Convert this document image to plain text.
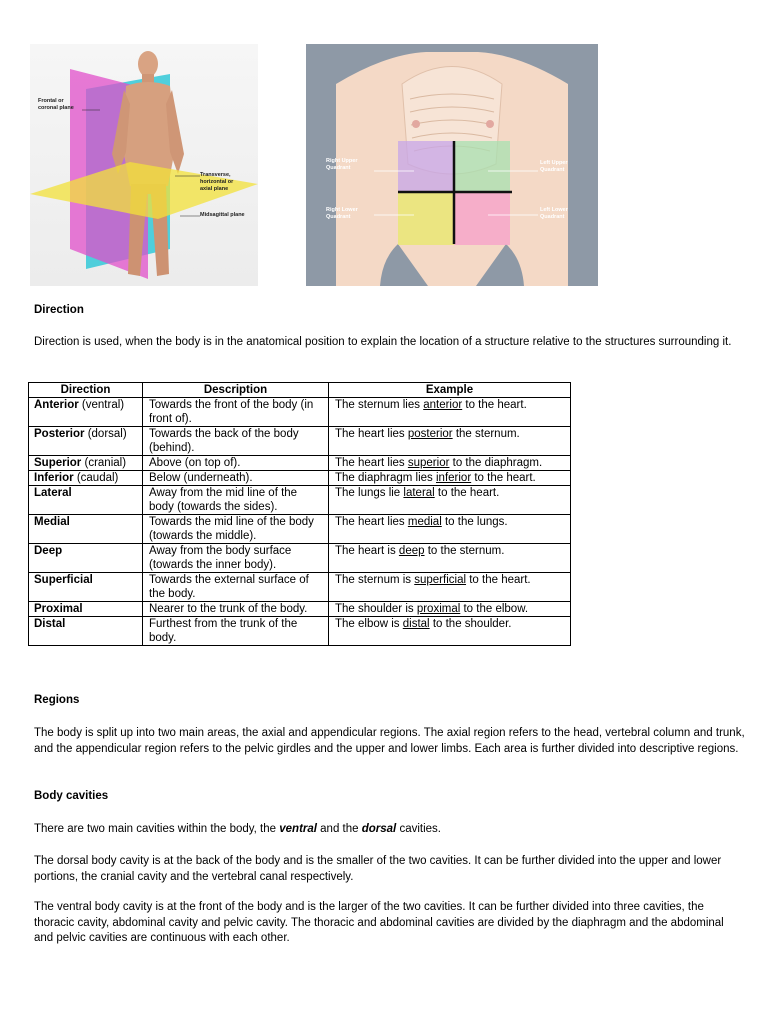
Frontal or coronal plane
Transverse, horizontal or axial plane
Midsagittal plane
Right Upper Quadrant
Left Upper Quadrant
Right Lower Quadrant
Left Lower Quadrant
Direction
Direction is used, when the body is in the anatomical position to explain the location of a structure relative to the structures surrounding it.
Direction	Description	Example
Anterior (ventral)	Towards the front of the body (in front of).	The sternum lies anterior to the heart.
Posterior (dorsal)	Towards the back of the body (behind).	The heart lies posterior the sternum.
Superior (cranial)	Above (on top of).	The heart lies superior to the diaphragm.
Inferior (caudal)	Below (underneath).	The diaphragm lies inferior to the heart.
Lateral	Away from the mid line of the body (towards the sides).	The lungs lie lateral to the heart.
Medial	Towards the mid line of the body (towards the middle).	The heart lies medial to the lungs.
Deep	Away from the body surface (towards the inner body).	The heart is deep to the sternum.
Superficial	Towards the external surface of the body.	The sternum is superficial to the heart.
Proximal	Nearer to the trunk of the body.	The shoulder is proximal to the elbow.
Distal	Furthest from the trunk of the body.	The elbow is distal to the shoulder.
Regions
The body is split up into two main areas, the axial and appendicular regions. The axial region refers to the head, vertebral column and trunk, and the appendicular region refers to the pelvic girdles and the upper and lower limbs. Each area is further divided into descriptive regions.
Body cavities
There are two main cavities within the body, the ventral and the dorsal cavities.
The dorsal body cavity is at the back of the body and is the smaller of the two cavities. It can be further divided into the upper and lower portions, the cranial cavity and the vertebral canal respectively.
The ventral body cavity is at the front of the body and is the larger of the two cavities. It can be further divided into three cavities, the thoracic cavity, abdominal cavity and pelvic cavity. The thoracic and abdominal cavities are divided by the diaphragm and the abdominal and pelvic cavities are continuous with each other.
